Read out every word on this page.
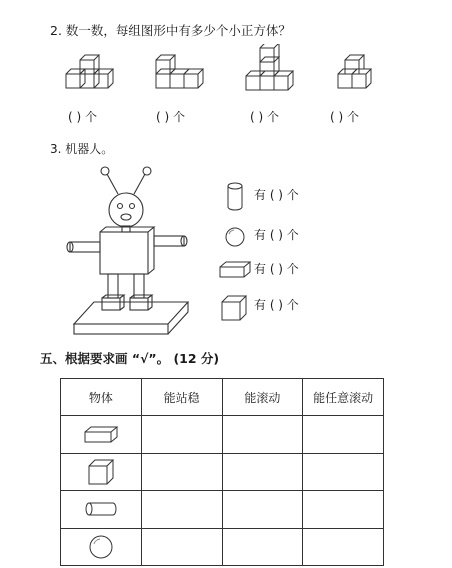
2. 数一数，每组图形中有多少个小正方体？
( ) 个	( ) 个	( ) 个	( ) 个
3. 机器人。
有 ( ) 个
有 ( ) 个
有 ( ) 个
有 ( ) 个
五、根据要求画 “√”。 (12 分)
物体	能站稳	能滚动	能任意滚动
